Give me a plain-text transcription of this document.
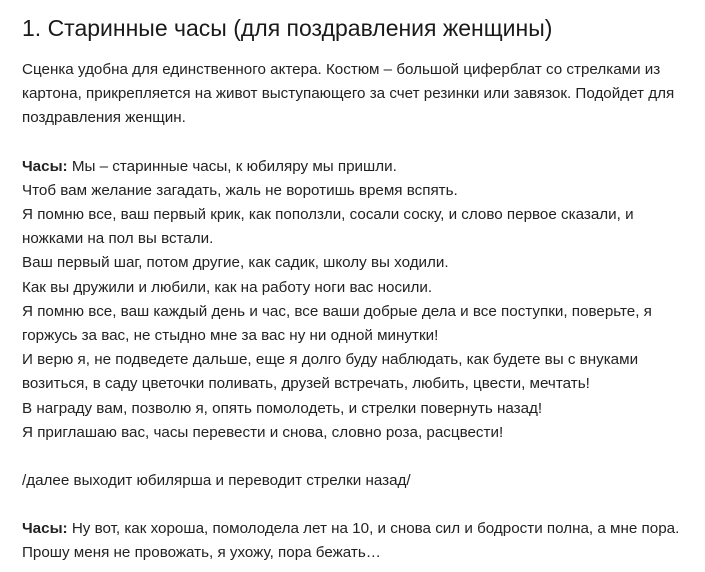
1. Старинные часы (для поздравления женщины)

Сценка удобна для единственного актера. Костюм – большой циферблат со стрелками из картона, прикрепляется на живот выступающего за счет резинки или завязок. Подойдет для поздравления женщин.

Часы: Мы – старинные часы, к юбиляру мы пришли.

Чтоб вам желание загадать, жаль не воротишь время вспять.

Я помню все, ваш первый крик, как поползли, сосали соску, и слово первое сказали, и ножками на пол вы встали.

Ваш первый шаг, потом другие, как садик, школу вы ходили.

Как вы дружили и любили, как на работу ноги вас носили.

Я помню все, ваш каждый день и час, все ваши добрые дела и все поступки, поверьте, я горжусь за вас, не стыдно мне за вас ну ни одной минутки!

И верю я, не подведете дальше, еще я долго буду наблюдать, как будете вы с внуками возиться, в саду цветочки поливать, друзей встречать, любить, цвести, мечтать!

В награду вам, позволю я, опять помолодеть, и стрелки повернуть назад!

Я приглашаю вас, часы перевести и снова, словно роза, расцвести!

/далее выходит юбилярша и переводит стрелки назад/

Часы: Ну вот, как хороша, помолодела лет на 10, и снова сил и бодрости полна, а мне пора. Прошу меня не провожать, я ухожу, пора бежать…
